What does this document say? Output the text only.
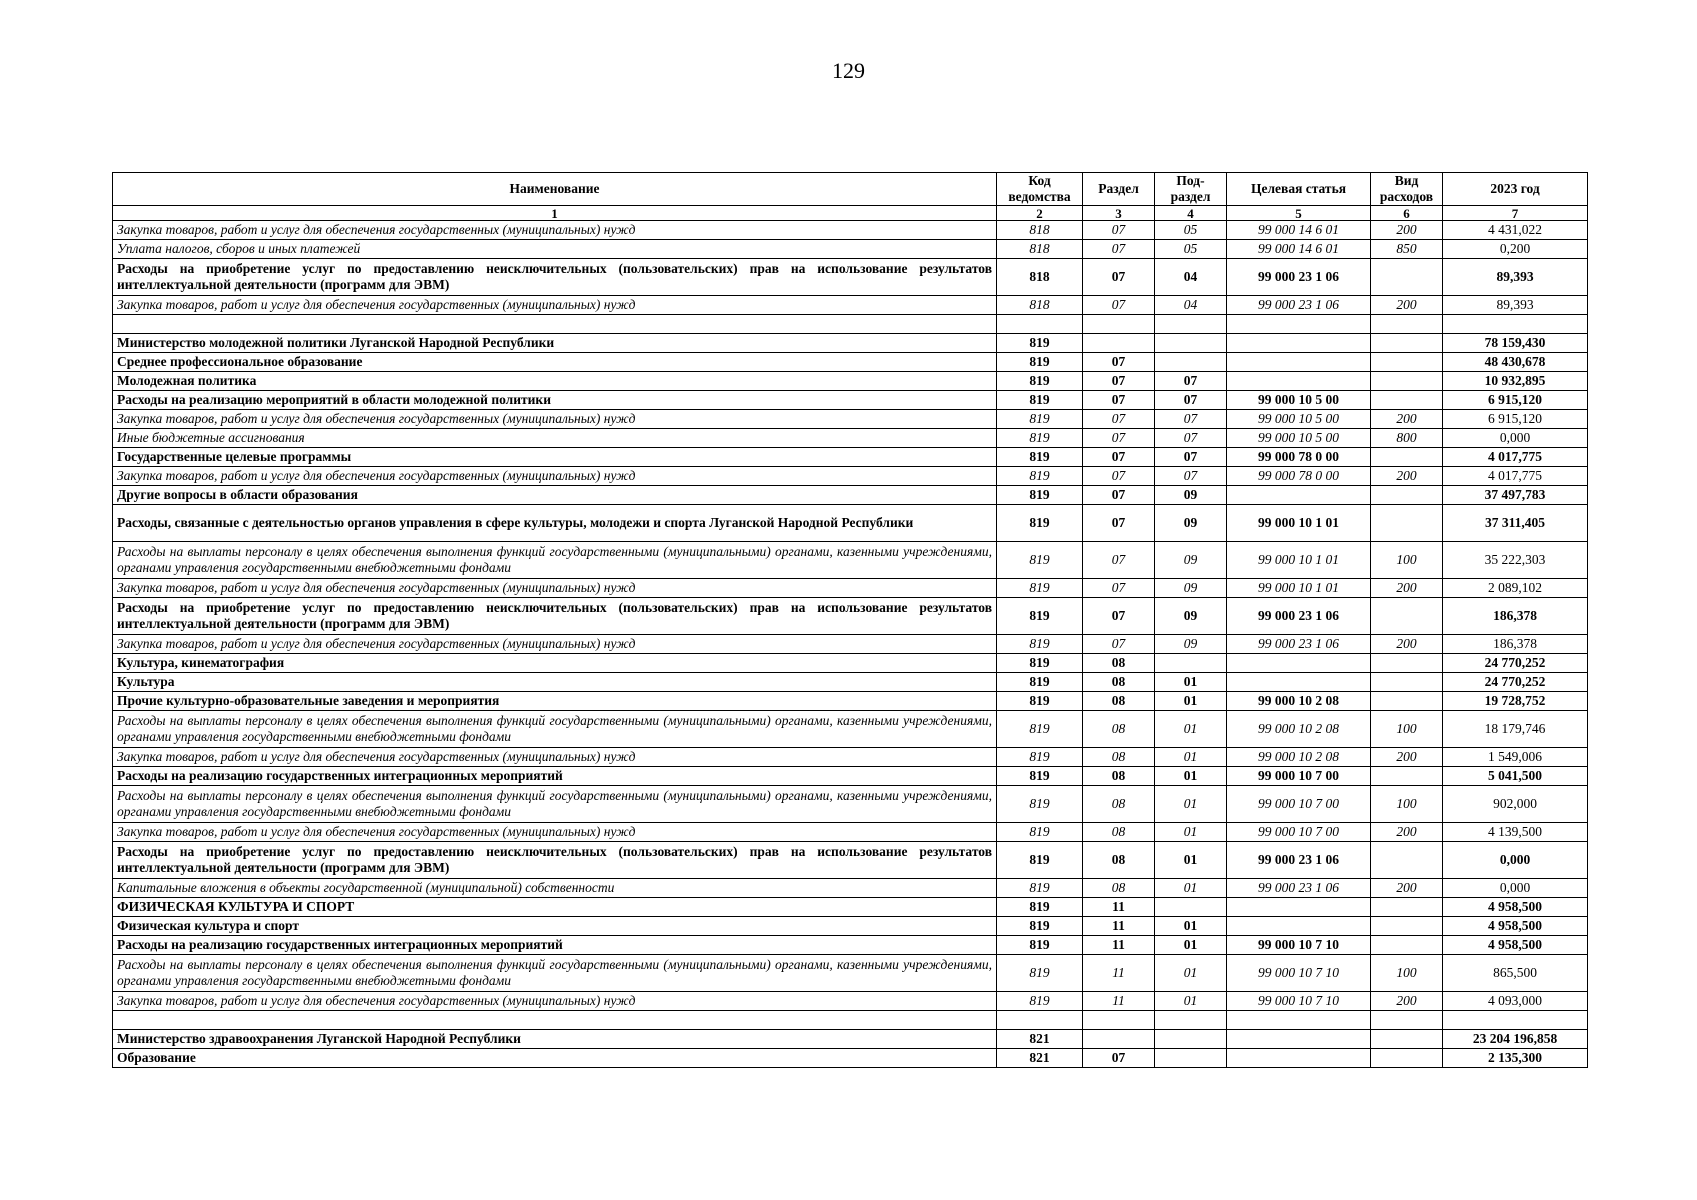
129
Наименование	Код ведомства	Раздел	Под-раздел	Целевая статья	Вид расходов	2023 год
1	2	3	4	5	6	7
Закупка товаров, работ и услуг для обеспечения государственных (муниципальных) нужд	818	07	05	99 000 14 6 01	200	4 431,022
Уплата налогов, сборов и иных платежей	818	07	05	99 000 14 6 01	850	0,200
Расходы на приобретение услуг по предоставлению неисключительных (пользовательских) прав на использование результатов интеллектуальной деятельности (программ для ЭВМ)	818	07	04	99 000 23 1 06		89,393
Закупка товаров, работ и услуг для обеспечения государственных (муниципальных) нужд	818	07	04	99 000 23 1 06	200	89,393

Министерство молодежной политики Луганской Народной Республики	819					78 159,430
Среднее профессиональное образование	819	07				48 430,678
Молодежная политика	819	07	07			10 932,895
Расходы на реализацию мероприятий в области молодежной политики	819	07	07	99 000 10 5 00		6 915,120
Закупка товаров, работ и услуг для обеспечения государственных (муниципальных) нужд	819	07	07	99 000 10 5 00	200	6 915,120
Иные бюджетные ассигнования	819	07	07	99 000 10 5 00	800	0,000
Государственные целевые программы	819	07	07	99 000 78 0 00		4 017,775
Закупка товаров, работ и услуг для обеспечения государственных (муниципальных) нужд	819	07	07	99 000 78 0 00	200	4 017,775
Другие вопросы в области образования	819	07	09			37 497,783
Расходы, связанные с деятельностью органов управления в сфере культуры, молодежи и спорта Луганской Народной Республики	819	07	09	99 000 10 1 01		37 311,405
Расходы на выплаты персоналу в целях обеспечения выполнения функций государственными (муниципальными) органами, казенными учреждениями, органами управления государственными внебюджетными фондами	819	07	09	99 000 10 1 01	100	35 222,303
Закупка товаров, работ и услуг для обеспечения государственных (муниципальных) нужд	819	07	09	99 000 10 1 01	200	2 089,102
Расходы на приобретение услуг по предоставлению неисключительных (пользовательских) прав на использование результатов интеллектуальной деятельности (программ для ЭВМ)	819	07	09	99 000 23 1 06		186,378
Закупка товаров, работ и услуг для обеспечения государственных (муниципальных) нужд	819	07	09	99 000 23 1 06	200	186,378
Культура, кинематография	819	08				24 770,252
Культура	819	08	01			24 770,252
Прочие культурно-образовательные заведения и мероприятия	819	08	01	99 000 10 2 08		19 728,752
Расходы на выплаты персоналу в целях обеспечения выполнения функций государственными (муниципальными) органами, казенными учреждениями, органами управления государственными внебюджетными фондами	819	08	01	99 000 10 2 08	100	18 179,746
Закупка товаров, работ и услуг для обеспечения государственных (муниципальных) нужд	819	08	01	99 000 10 2 08	200	1 549,006
Расходы на реализацию государственных интеграционных мероприятий	819	08	01	99 000 10 7 00		5 041,500
Расходы на выплаты персоналу в целях обеспечения выполнения функций государственными (муниципальными) органами, казенными учреждениями, органами управления государственными внебюджетными фондами	819	08	01	99 000 10 7 00	100	902,000
Закупка товаров, работ и услуг для обеспечения государственных (муниципальных) нужд	819	08	01	99 000 10 7 00	200	4 139,500
Расходы на приобретение услуг по предоставлению неисключительных (пользовательских) прав на использование результатов интеллектуальной деятельности (программ для ЭВМ)	819	08	01	99 000 23 1 06		0,000
Капитальные вложения в объекты государственной (муниципальной) собственности	819	08	01	99 000 23 1 06	200	0,000
ФИЗИЧЕСКАЯ КУЛЬТУРА И СПОРТ	819	11				4 958,500
Физическая культура и спорт	819	11	01			4 958,500
Расходы на реализацию государственных интеграционных мероприятий	819	11	01	99 000 10 7 10		4 958,500
Расходы на выплаты персоналу в целях обеспечения выполнения функций государственными (муниципальными) органами, казенными учреждениями, органами управления государственными внебюджетными фондами	819	11	01	99 000 10 7 10	100	865,500
Закупка товаров, работ и услуг для обеспечения государственных (муниципальных) нужд	819	11	01	99 000 10 7 10	200	4 093,000

Министерство здравоохранения Луганской Народной Республики	821					23 204 196,858
Образование	821	07				2 135,300
